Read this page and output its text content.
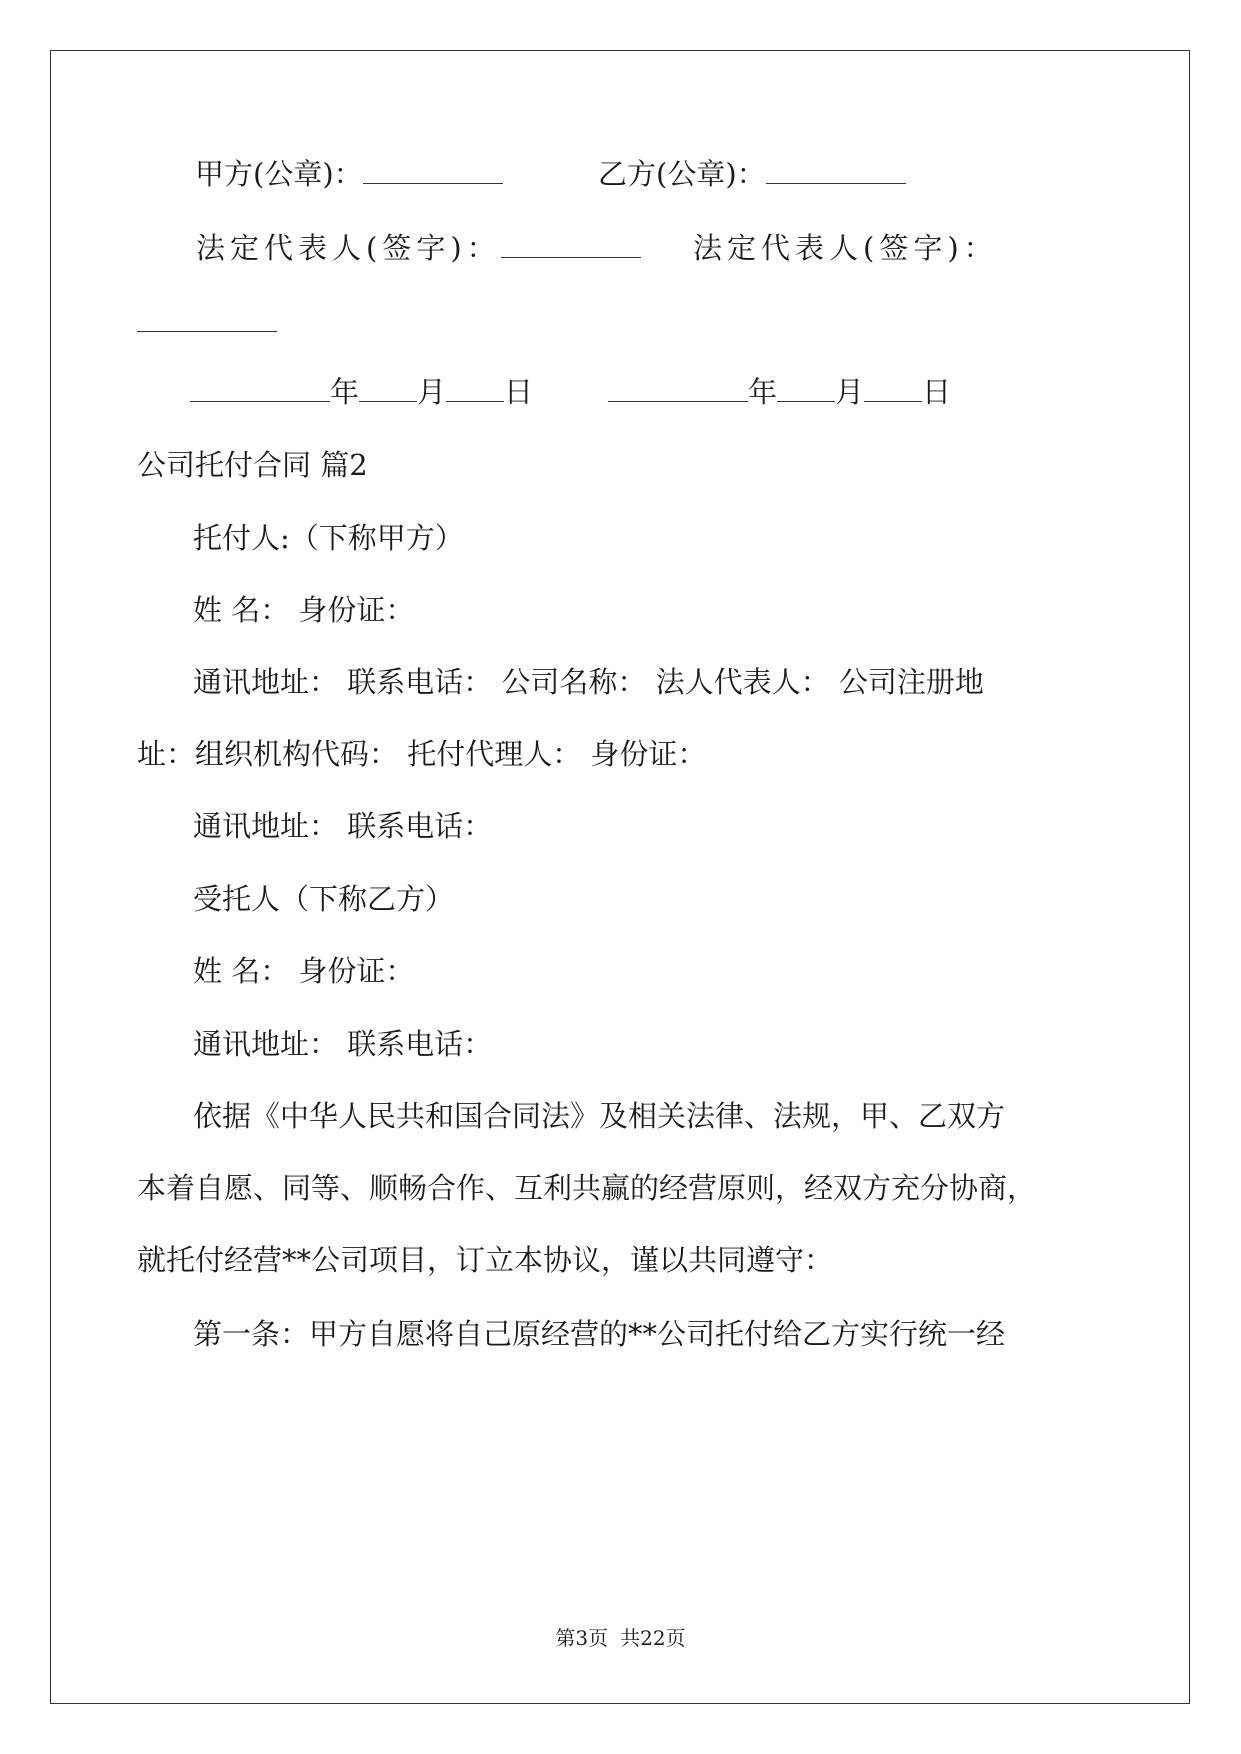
甲方(公章)：	乙方(公章)：
法定代表人(签字)：	法定代表人(签字)：
年 月 日	年 月 日
公司托付合同 篇2
托付人:（下称甲方）
姓 名： 身份证：
通讯地址： 联系电话： 公司名称： 法人代表人： 公司注册地
址：组织机构代码： 托付代理人： 身份证：
通讯地址： 联系电话：
受托人（下称乙方）
姓 名： 身份证：
通讯地址： 联系电话：
依据《中华人民共和国合同法》及相关法律、法规，甲、乙双方
本着自愿、同等、顺畅合作、互利共赢的经营原则，经双方充分协商，
就托付经营**公司项目，订立本协议，谨以共同遵守：
第一条：甲方自愿将自己原经营的**公司托付给乙方实行统一经
第3页 共22页
